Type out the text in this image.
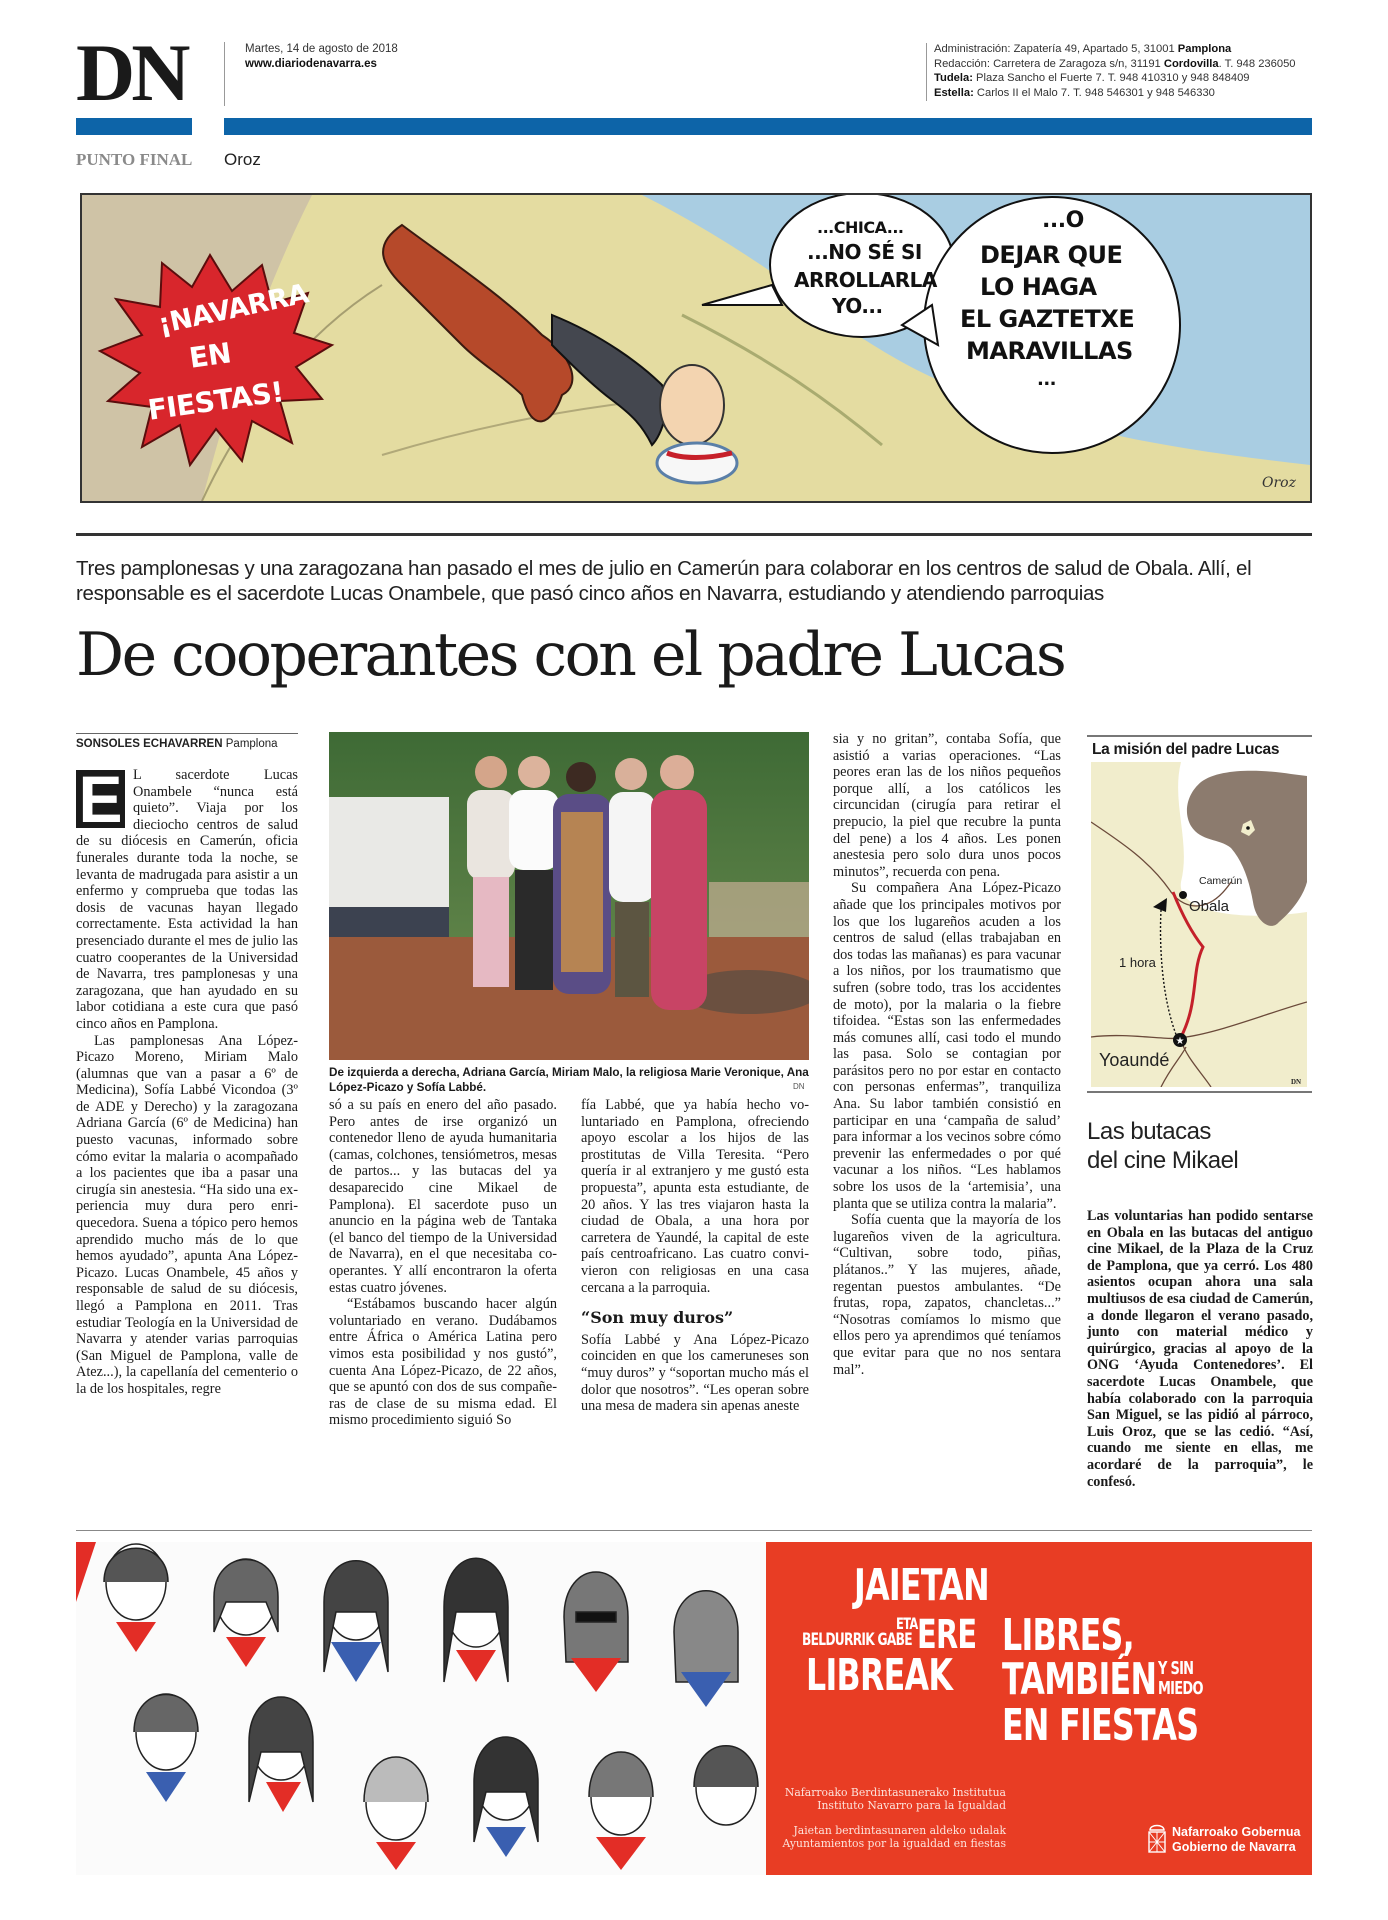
DN	Martes, 14 de agosto de 2018
www.diariodenavarra.es
Administración: Zapatería 49, Apartado 5, 31001 Pamplona
Redacción: Carretera de Zaragoza s/n, 31191 Cordovilla. T. 948 236050
Tudela: Plaza Sancho el Fuerte 7. T. 948 410310 y 948 848409
Estella: Carlos II el Malo 7. T. 948 546301 y 948 546330
PUNTO FINAL Oroz
¡NAVARRA
EN
FIESTAS!
...CHICA...
...NO SÉ SI
ARROLLARLA
YO...
...O
DEJAR QUE
LO HAGA
EL GAZTETXE
MARAVILLAS
...
Oroz
Tres pamplonesas y una zaragozana han pasado el mes de julio en Camerún para colaborar en los centros de salud de Obala. Allí, el responsable es el sacerdote Lucas Onambele, que pasó cinco años en Navarra, estudiando y atendiendo parroquias
De cooperantes con el padre Lucas
SONSOLES ECHAVARREN Pamplona

E L sacerdote Lucas Onambele “nunca está quieto”. Viaja por los dieciocho centros de salud de su diócesis en Camerún, oficia funerales durante toda la noche, se levanta de madrugada para asistir a un enfermo y comprueba que todas las dosis de vacunas hayan llegado correctamente. Esta actividad la han presenciado durante el mes de julio las cuatro cooperantes de la Universidad de Navarra, tres pamplonesas y una zaragozana, que han ayudado en su labor cotidiana a este cura que pasó cinco años en Pamplona.

Las pamplonesas Ana López-Picazo Moreno, Miriam Malo (alumnas que van a pasar a 6º de Medicina), Sofía Labbé Vicondoa (3º de ADE y Derecho) y la zaragozana Adriana García (6º de Medicina) han puesto vacunas, informado sobre cómo evitar la malaria o acompañado a los pacientes que iba a pasar una cirugía sin anestesia. “Ha sido una experiencia muy dura pero enriquecedora. Suena a tópico pero hemos aprendido mucho más de lo que hemos ayudado”, apunta Ana López-Picazo. Lucas Onambele, 45 años y responsable de salud de su diócesis, llegó a Pamplona en 2011. Tras estudiar Teología en la Universidad de Navarra y atender varias parroquias (San Miguel de Pamplona, valle de Atez...), la capellanía del cementerio o la de los hospitales, regre

De izquierda a derecha, Adriana García, Miriam Malo, la religiosa Marie Veronique, Ana López-Picazo y Sofía Labbé.	DN

só a su país en enero del año pasado. Pero antes de irse organizó un contenedor lleno de ayuda humanitaria (camas, colchones, tensiómetros, mesas de partos... y las butacas del ya desaparecido cine Mikael de Pamplona). El sacerdote puso un anuncio en la página web de Tantaka (el banco del tiempo de la Universidad de Navarra), en el que necesitaba cooperantes. Y allí encontraron la oferta estas cuatro jóvenes.

“Estábamos buscando hacer algún voluntariado en verano. Dudábamos entre África o América Latina pero vimos esta posibilidad y nos gustó”, cuenta Ana López-Picazo, de 22 años, que se apuntó con dos de sus compañeras de clase de su misma edad. El mismo procedimiento siguió So

fía Labbé, que ya había hecho voluntariado en Pamplona, ofreciendo apoyo escolar a los hijos de las prostitutas de Villa Teresita. “Pero quería ir al extranjero y me gustó esta propuesta”, apunta esta estudiante, de 20 años. Y las tres viajaron hasta la ciudad de Obala, a una hora por carretera de Yaundé, la capital de este país centroafricano. Las cuatro convivieron con religiosas en una casa cercana a la parroquia.

“Son muy duros”

Sofía Labbé y Ana López-Picazo coinciden en que los cameruneses son “muy duros” y “soportan mucho más el dolor que nosotros”. “Les operan sobre una mesa de madera sin apenas aneste

sia y no gritan”, contaba Sofía, que asistió a varias operaciones. “Las peores eran las de los niños pequeños porque allí, a los católicos les circuncidan (cirugía para retirar el prepucio, la piel que recubre la punta del pene) a los 4 años. Les ponen anestesia pero solo dura unos pocos minutos”, recuerda con pena.

Su compañera Ana López-Picazo añade que los principales motivos por los que los lugareños acuden a los centros de salud (ellas trabajaban en dos todas las mañanas) es para vacunar a los niños, por los traumatismo que sufren (sobre todo, tras los accidentes de moto), por la malaria o la fiebre tifoidea. “Estas son las enfermedades más comunes allí, casi todo el mundo las pasa. Solo se contagian por parásitos pero no por estar en contacto con personas enfermas”, tranquiliza Ana. Su labor también consistió en participar en una ‘campaña de salud’ para informar a los vecinos sobre cómo prevenir las enfermedades o por qué vacunar a los niños. “Les hablamos sobre los usos de la ‘artemisia’, una planta que se utiliza contra la malaria”.

Sofía cuenta que la mayoría de los lugareños viven de la agricultura. “Cultivan, sobre todo, piñas, plátanos..” Y las mujeres, añade, regentan puestos ambulantes. “De frutas, ropa, zapatos, chancletas...” “Nosotras comíamos lo mismo que ellos pero ya aprendimos qué teníamos que evitar para que no nos sentara mal”.

La misión del padre Lucas
★
Camerún
Obala
1 hora
Yoaundé
DN
Las butacas
del cine Mikael
Las voluntarias han podido sentarse en Obala en las butacas del antiguo cine Mikael, de la Plaza de la Cruz de Pamplona, que ya cerró. Los 480 asientos ocupan ahora una sala multiusos de esa ciudad de Camerún, a donde llegaron el verano pasado, junto con material médico y quirúrgico, gracias al apoyo de la ONG ‘Ayuda Contenedores’. El sacerdote Lucas Onambele, que había colaborado con la parroquia San Miguel, se las pidió al párroco, Luis Oroz, que se las cedió. “Así, cuando me siente en ellas, me acordaré de la parroquia”, le confesó.
JAIETAN
ETA
BELDURRIK GABE ERE
LIBREAK
LIBRES,
TAMBIÉN Y SIN
MIEDO
EN FIESTAS
Nafarroako Berdintasunerako Institutua
Instituto Navarro para la Igualdad
Jaietan berdintasunaren aldeko udalak
Ayuntamientos por la igualdad en fiestas
Nafarroako Gobernua
Gobierno de Navarra
